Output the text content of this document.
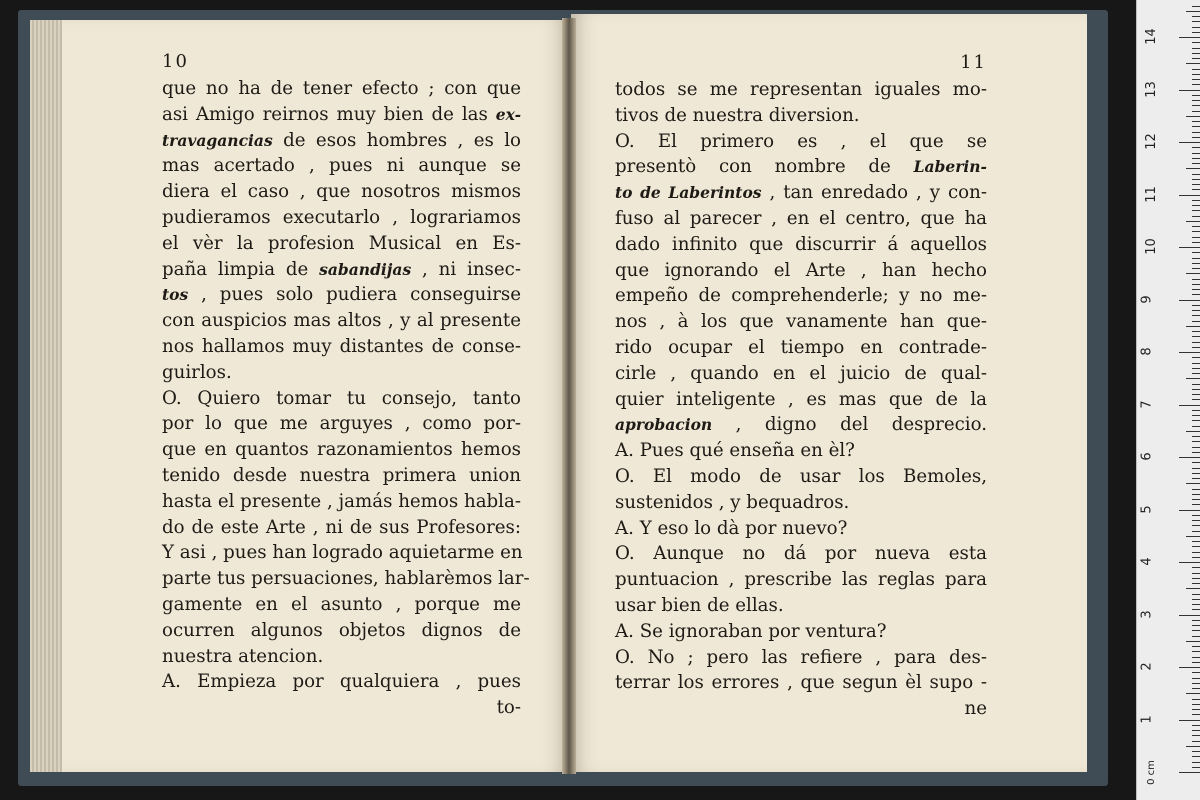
10
que no ha de tener efecto ; con que
asi Amigo reirnos muy bien de las ex-
travagancias de esos hombres , es lo
mas acertado , pues ni aunque se
diera el caso , que nosotros mismos
pudieramos executarlo , lograriamos
el vèr la profesion Musical en Es-
paña limpia de sabandijas , ni insec-
tos , pues solo pudiera conseguirse
con auspicios mas altos , y al presente
nos hallamos muy distantes de conse-
guirlos.
O. Quiero tomar tu consejo, tanto
por lo que me arguyes , como por-
que en quantos razonamientos hemos
tenido desde nuestra primera union
hasta el presente , jamás hemos habla-
do de este Arte , ni de sus Profesores:
Y asi , pues han logrado aquietarme en
parte tus persuaciones, hablarèmos lar-
gamente en el asunto , porque me
ocurren algunos objetos dignos de
nuestra atencion.
A. Empieza por qualquiera , pues
to-
11
todos se me representan iguales mo-
tivos de nuestra diversion.
O. El primero es , el que se
presentò con nombre de Laberin-
to de Laberintos , tan enredado , y con-
fuso al parecer , en el centro, que ha
dado infinito que discurrir á aquellos
que ignorando el Arte , han hecho
empeño de comprehenderle; y no me-
nos , à los que vanamente han que-
rido ocupar el tiempo en contrade-
cirle , quando en el juicio de qual-
quier inteligente , es mas que de la
aprobacion , digno del desprecio.
A. Pues qué enseña en èl?
O. El modo de usar los Bemoles,
sustenidos , y bequadros.
A. Y eso lo dà por nuevo?
O. Aunque no dá por nueva esta
puntuacion , prescribe las reglas para
usar bien de ellas.
A. Se ignoraban por ventura?
O. No ; pero las refiere , para des-
terrar los errores , que segun èl supo -
ne
0 cm
1
2
3
4
5
6
7
8
9
10
11
12
13
14
